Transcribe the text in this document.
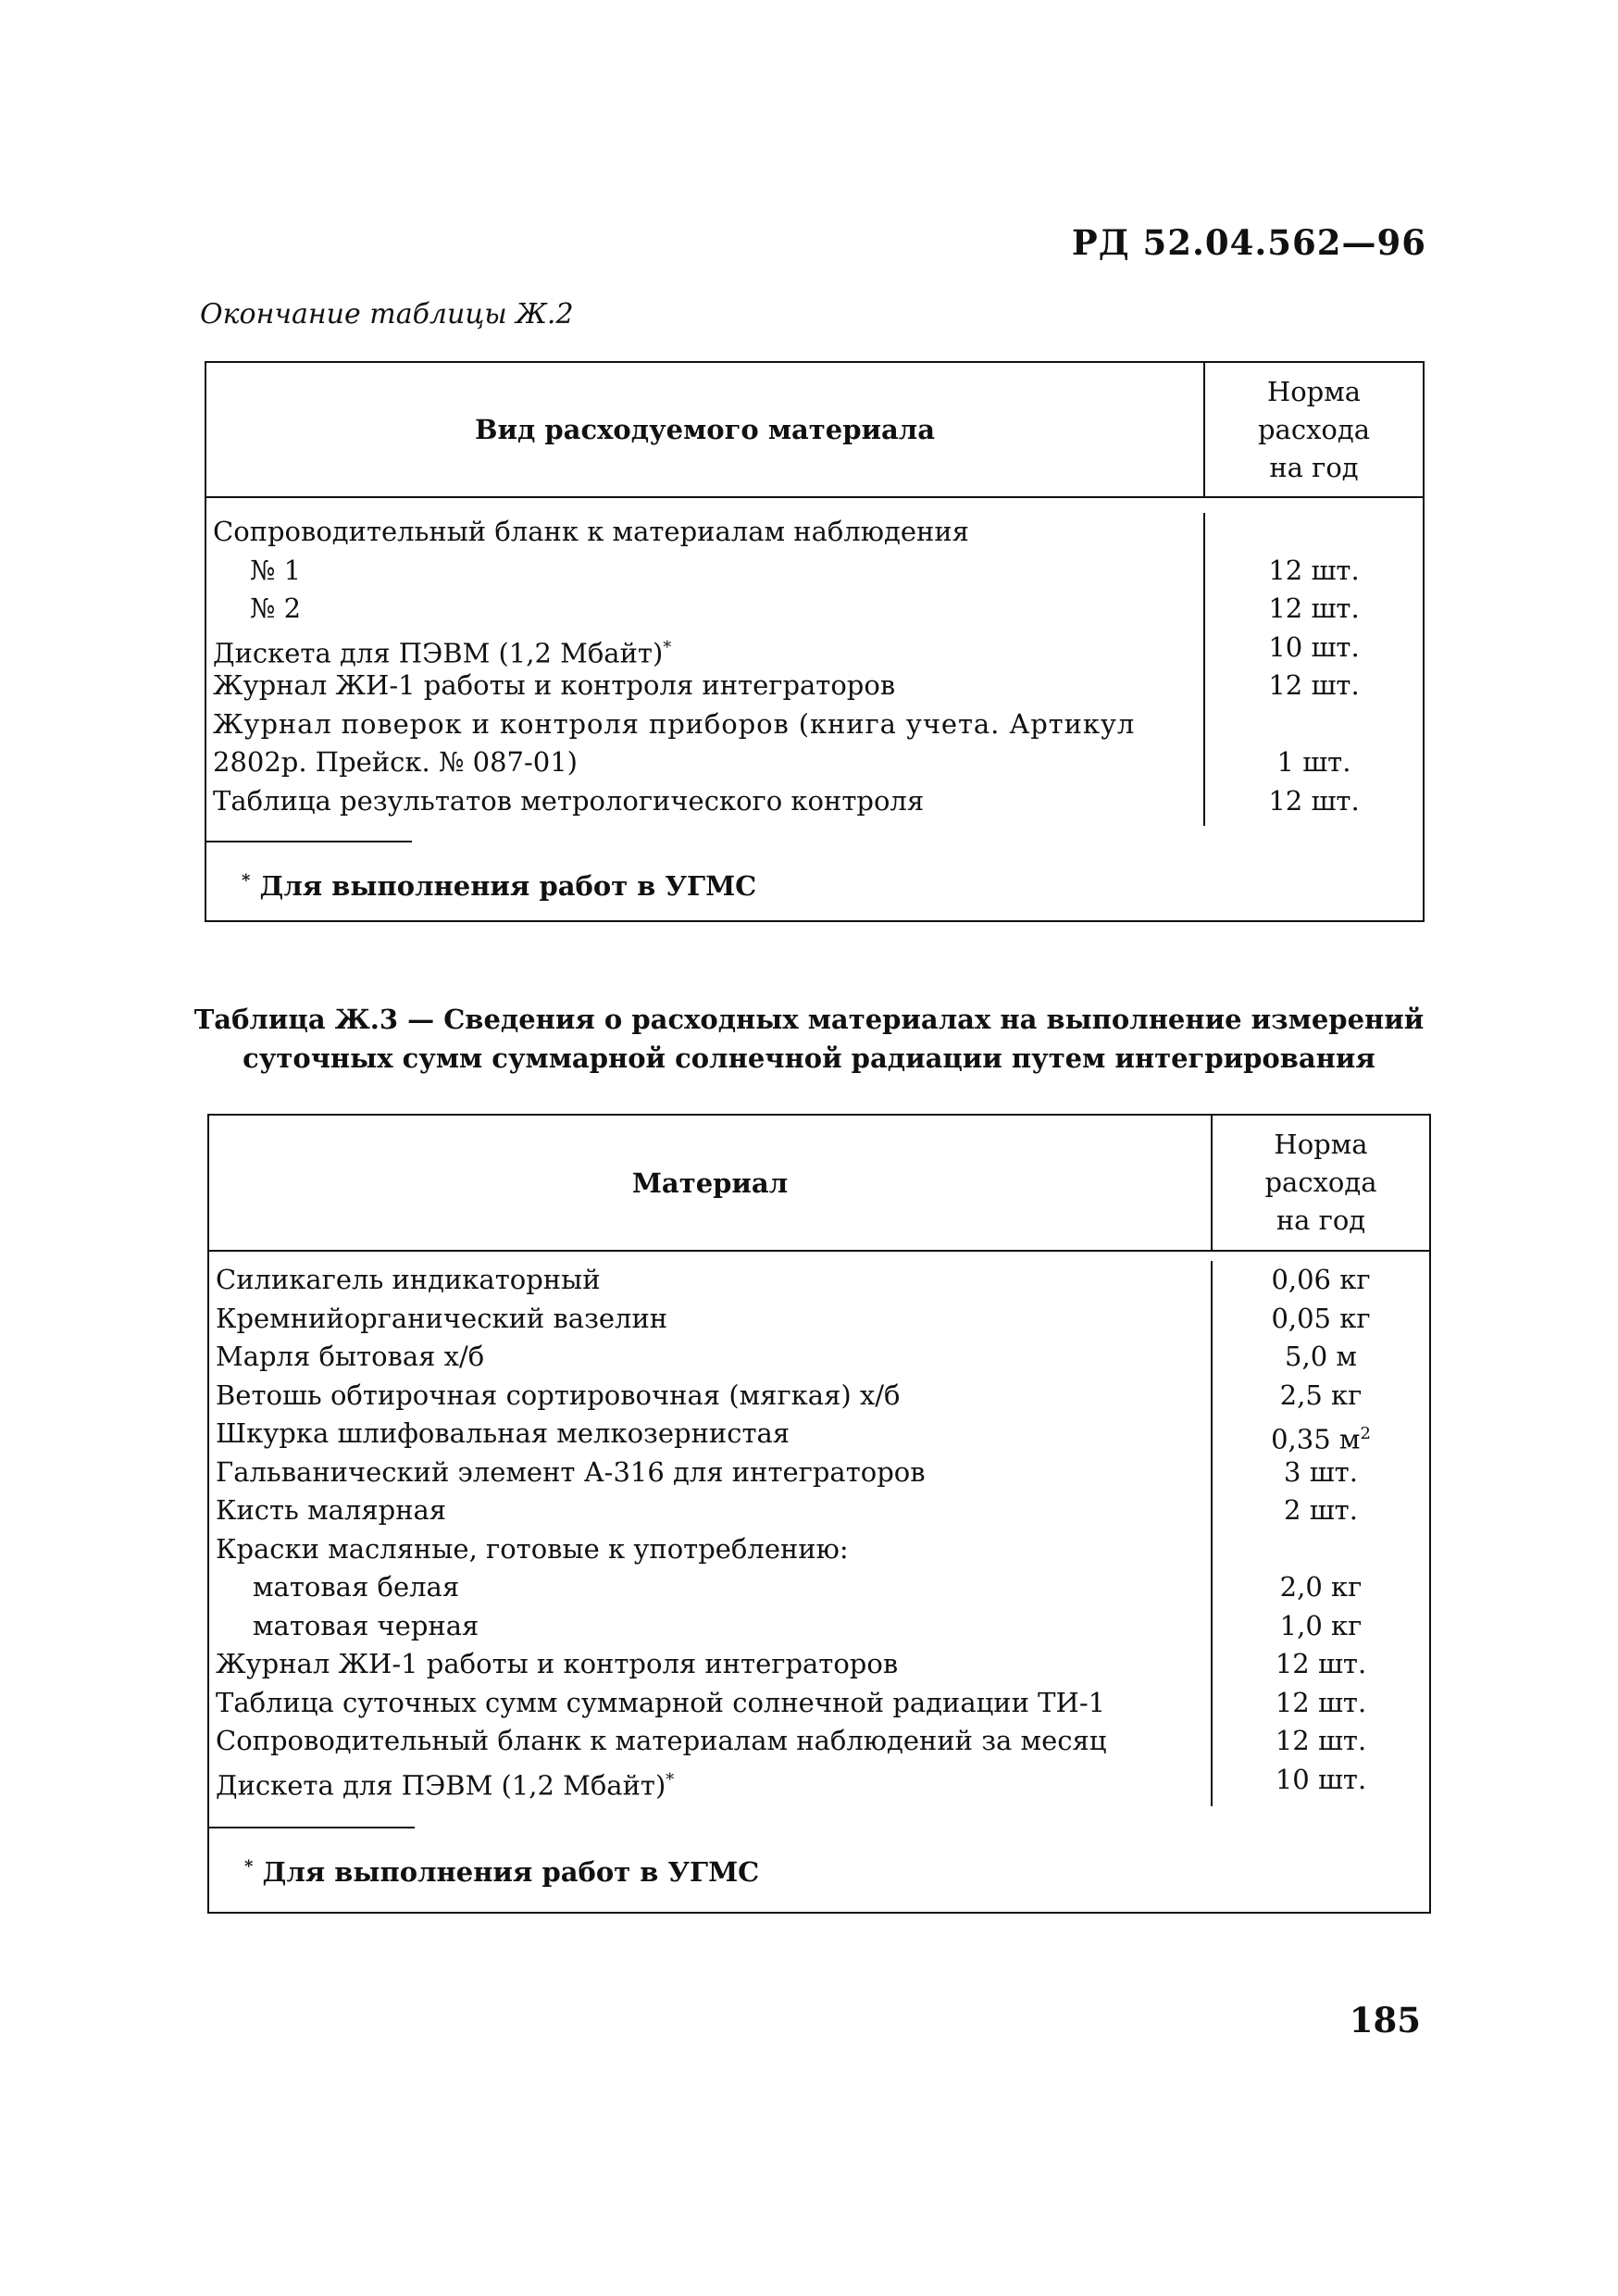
РД 52.04.562—96
Окончание таблицы Ж.2
Вид расходуемого материала
Норма
расхода
на год
Сопроводительный бланк к материалам наблюдения
№ 1
№ 2
Дискета для ПЭВМ (1,2 Мбайт)*
Журнал ЖИ-1 работы и контроля интеграторов
Журнал поверок и контроля приборов (книга учета. Артикул
2802р. Прейск. № 087-01)
Таблица результатов метрологического контроля
12 шт.
12 шт.
10 шт.
12 шт.
1 шт.
12 шт.
* Для выполнения работ в УГМС
Таблица Ж.3 — Сведения о расходных материалах на выполнение измерений
суточных сумм суммарной солнечной радиации путем интегрирования
Материал
Норма
расхода
на год
Силикагель индикаторный
Кремнийорганический вазелин
Марля бытовая х/б
Ветошь обтирочная сортировочная (мягкая) х/б
Шкурка шлифовальная мелкозернистая
Гальванический элемент А-316 для интеграторов
Кисть малярная
Краски масляные, готовые к употреблению:
матовая белая
матовая черная
Журнал ЖИ-1 работы и контроля интеграторов
Таблица суточных сумм суммарной солнечной радиации ТИ-1
Сопроводительный бланк к материалам наблюдений за месяц
Дискета для ПЭВМ (1,2 Мбайт)*
0,06 кг
0,05 кг
5,0 м
2,5 кг
0,35 $м^2$
3 шт.
2 шт.
2,0 кг
1,0 кг
12 шт.
12 шт.
12 шт.
10 шт.
* Для выполнения работ в УГМС
185
